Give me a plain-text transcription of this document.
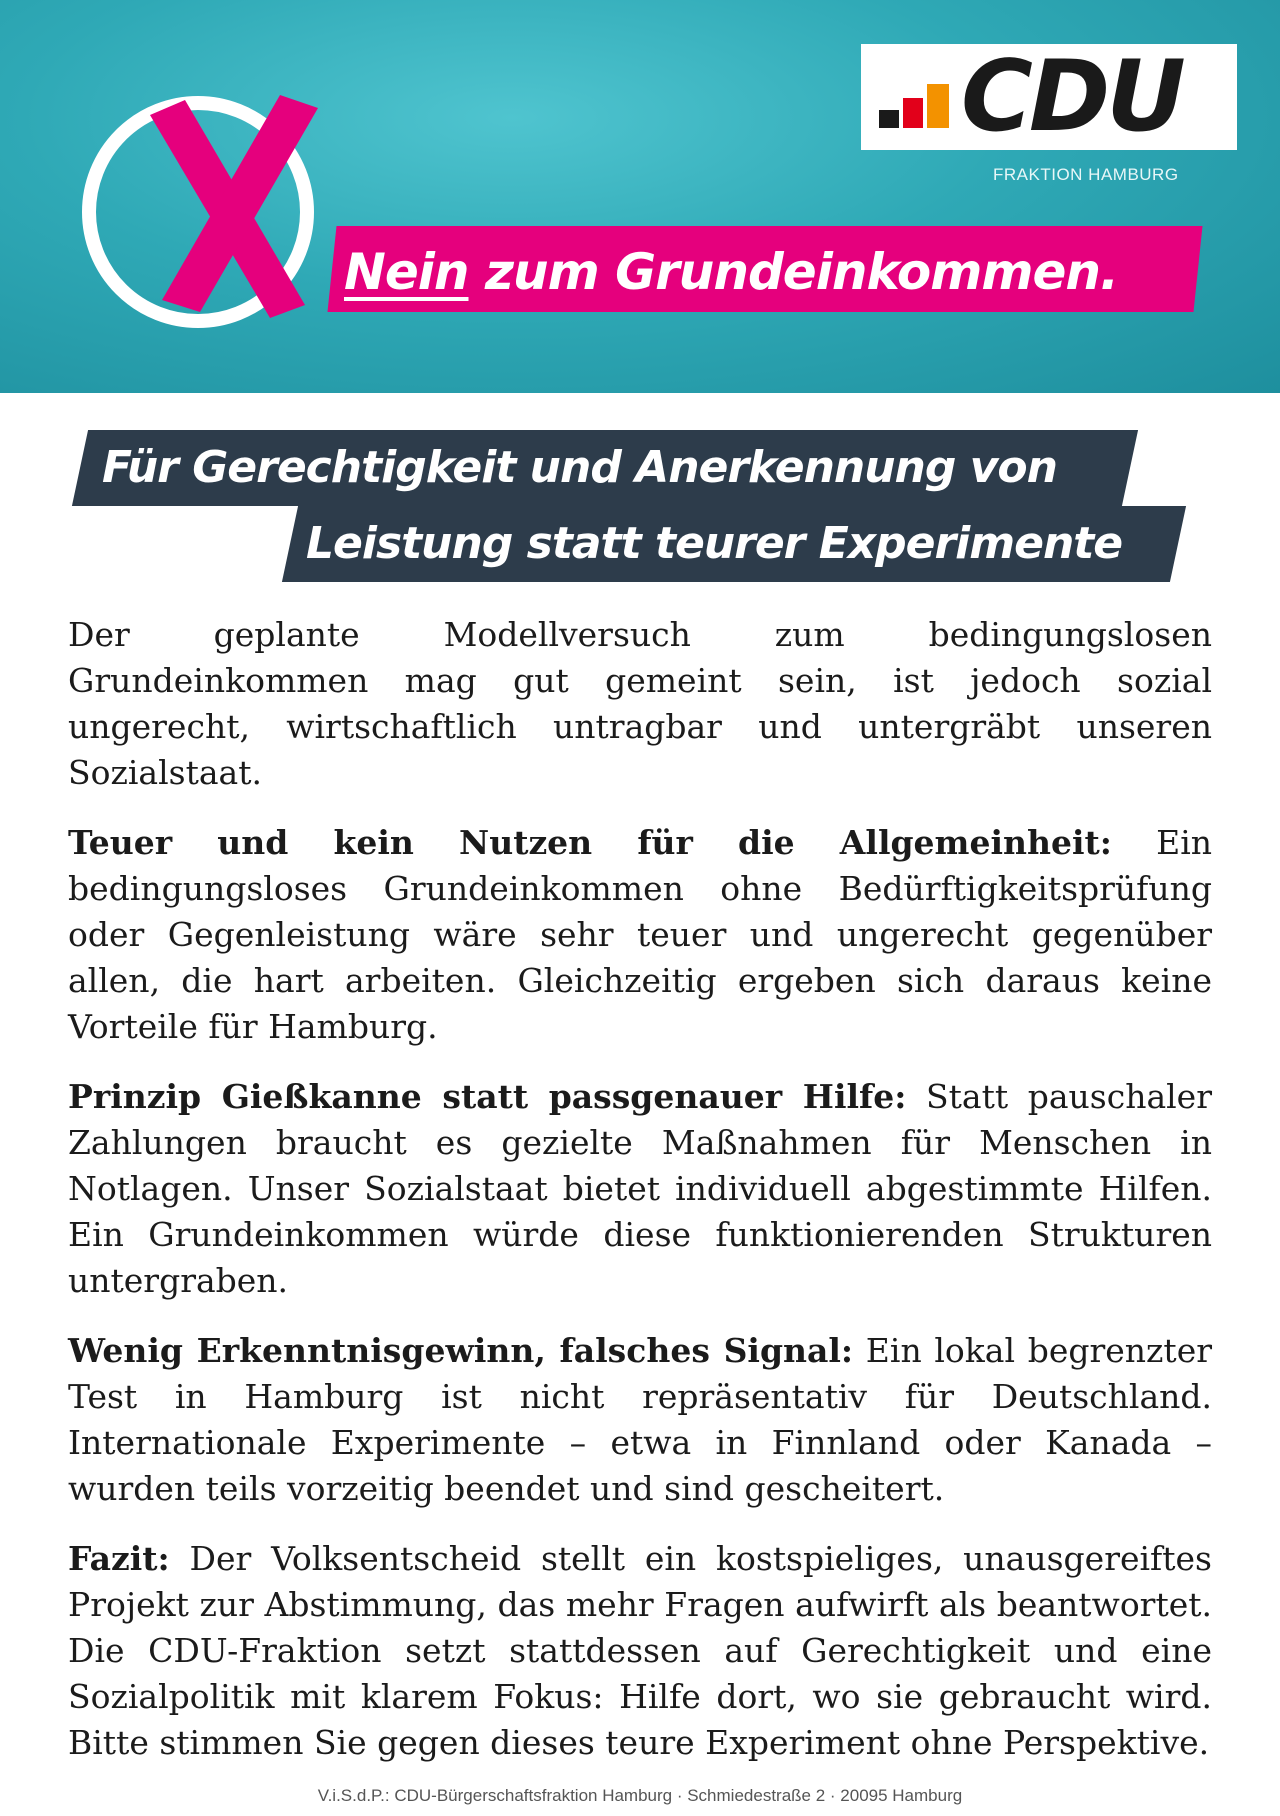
CDU
FRAKTION HAMBURG
Nein zum Grundeinkommen.
Für Gerechtigkeit und Anerkennung von
Leistung statt teurer Experimente

Der geplante Modellversuch zum bedingungslosen Grundeinkommen mag gut gemeint sein, ist jedoch sozial ungerecht, wirtschaftlich untragbar und untergräbt unseren Sozialstaat.

Teuer und kein Nutzen für die Allgemeinheit: Ein bedingungsloses Grundeinkommen ohne Bedürftigkeitsprüfung oder Gegenleistung wäre sehr teuer und ungerecht gegenüber allen, die hart arbeiten. Gleichzeitig ergeben sich daraus keine Vorteile für Hamburg.

Prinzip Gießkanne statt passgenauer Hilfe: Statt pauschaler Zahlungen braucht es gezielte Maßnahmen für Menschen in Notlagen. Unser Sozialstaat bietet individuell abgestimmte Hilfen. Ein Grundeinkommen würde diese funktionierenden Strukturen untergraben.

Wenig Erkenntnisgewinn, falsches Signal: Ein lokal begrenzter Test in Hamburg ist nicht repräsentativ für Deutschland. Internationale Experimente – etwa in Finnland oder Kanada – wurden teils vorzeitig beendet und sind gescheitert.

Fazit: Der Volksentscheid stellt ein kostspieliges, unausgereiftes Projekt zur Abstimmung, das mehr Fragen aufwirft als beantwortet. Die CDU-Fraktion setzt stattdessen auf Gerechtigkeit und eine Sozialpolitik mit klarem Fokus: Hilfe dort, wo sie gebraucht wird. Bitte stimmen Sie gegen dieses teure Experiment ohne Perspektive.

V.i.S.d.P.: CDU-Bürgerschaftsfraktion Hamburg · Schmiedestraße 2 · 20095 Hamburg
